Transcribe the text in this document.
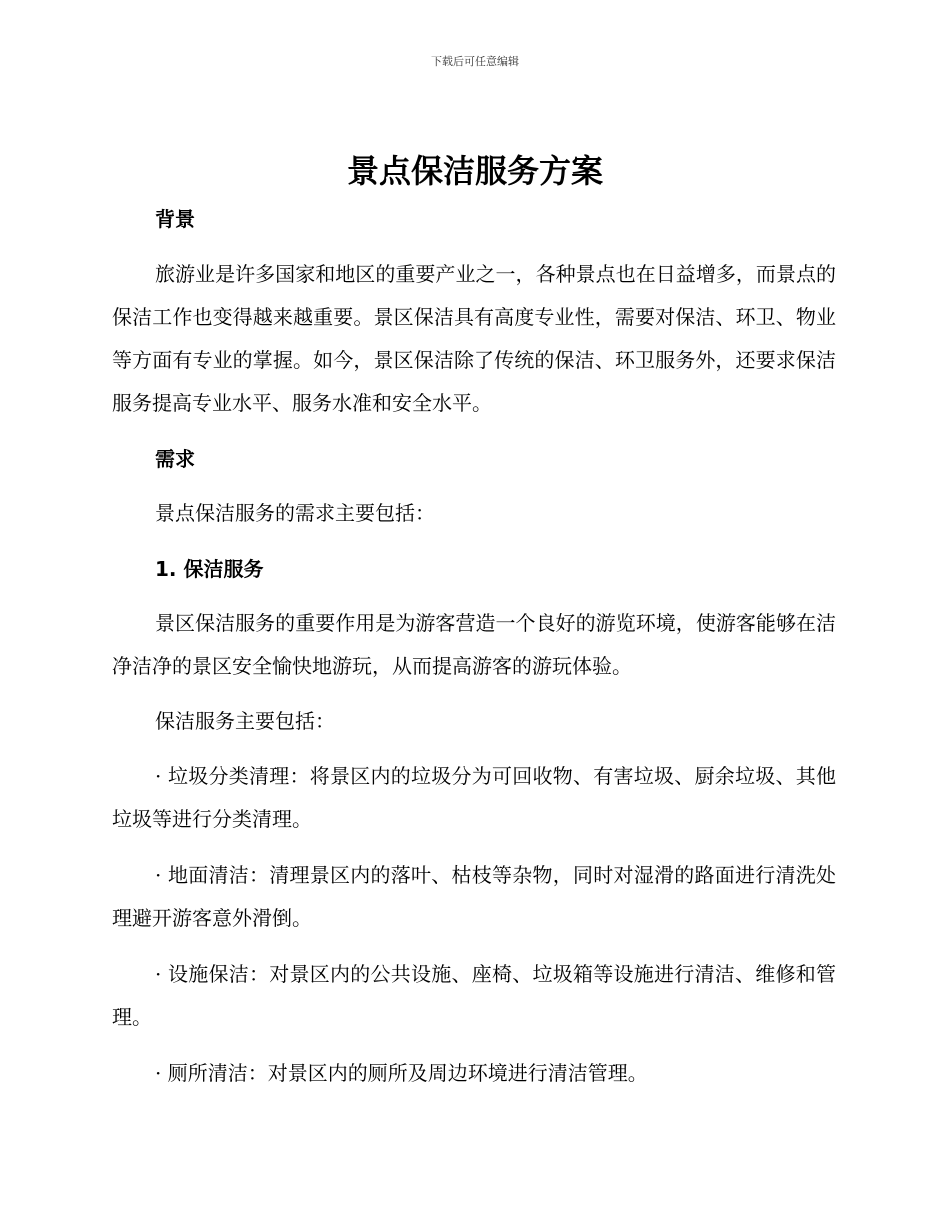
下载后可任意编辑
景点保洁服务方案
背景

旅游业是许多国家和地区的重要产业之一，各种景点也在日益增多，而景点的保洁工作也变得越来越重要。景区保洁具有高度专业性，需要对保洁、环卫、物业等方面有专业的掌握。如今，景区保洁除了传统的保洁、环卫服务外，还要求保洁服务提高专业水平、服务水准和安全水平。

需求

景点保洁服务的需求主要包括：

1. 保洁服务

景区保洁服务的重要作用是为游客营造一个良好的游览环境，使游客能够在洁净洁净的景区安全愉快地游玩，从而提高游客的游玩体验。

保洁服务主要包括：

· 垃圾分类清理：将景区内的垃圾分为可回收物、有害垃圾、厨余垃圾、其他垃圾等进行分类清理。

· 地面清洁：清理景区内的落叶、枯枝等杂物，同时对湿滑的路面进行清洗处理避开游客意外滑倒。

· 设施保洁：对景区内的公共设施、座椅、垃圾箱等设施进行清洁、维修和管理。

· 厕所清洁：对景区内的厕所及周边环境进行清洁管理。
